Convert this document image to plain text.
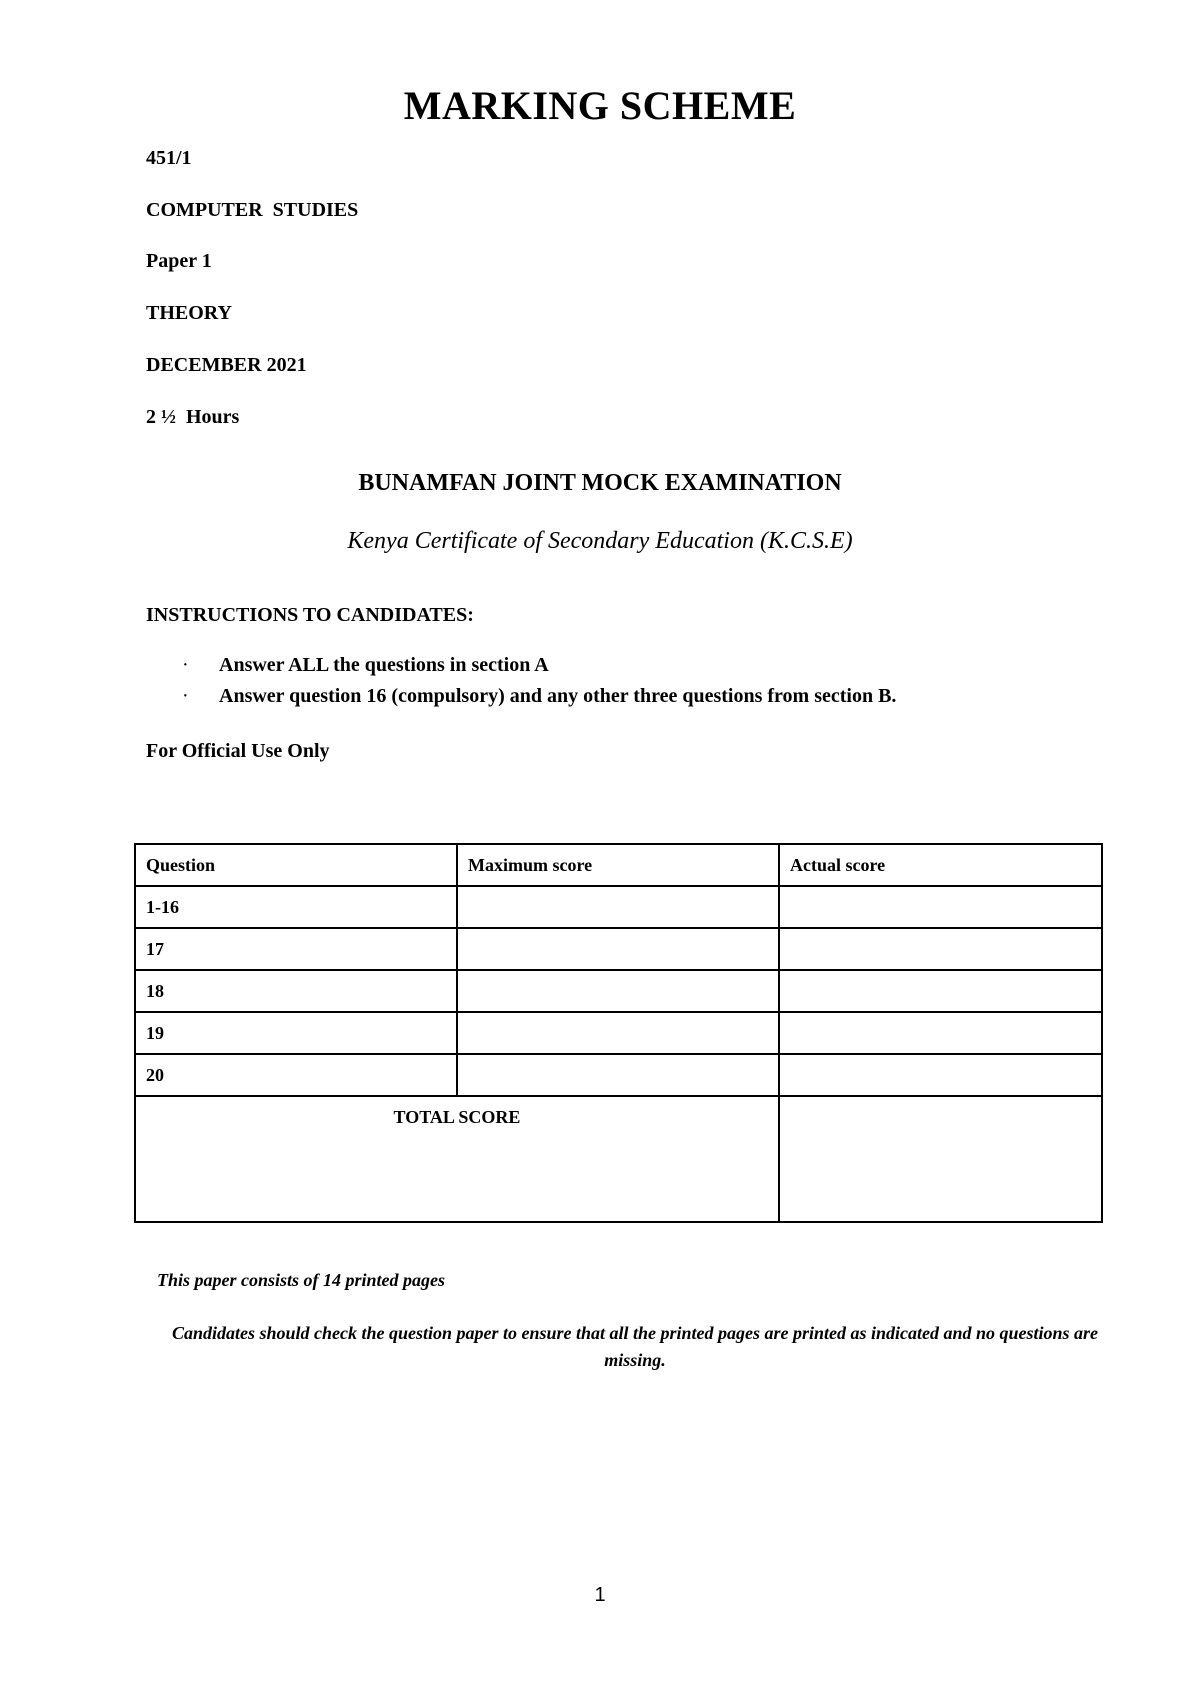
MARKING SCHEME
451/1
COMPUTER  STUDIES
Paper 1
THEORY
DECEMBER 2021
2 ½  Hours
BUNAMFAN JOINT MOCK EXAMINATION
Kenya Certificate of Secondary Education (K.C.S.E)
INSTRUCTIONS TO CANDIDATES:
· Answer ALL the questions in section A
· Answer question 16 (compulsory) and any other three questions from section B.
For Official Use Only
Question	Maximum score	Actual score
1-16		
17		
18		
19		
20		
TOTAL SCORE		
This paper consists of 14 printed pages
Candidates should check the question paper to ensure that all the printed pages are printed as indicated and no questions are missing.
1
